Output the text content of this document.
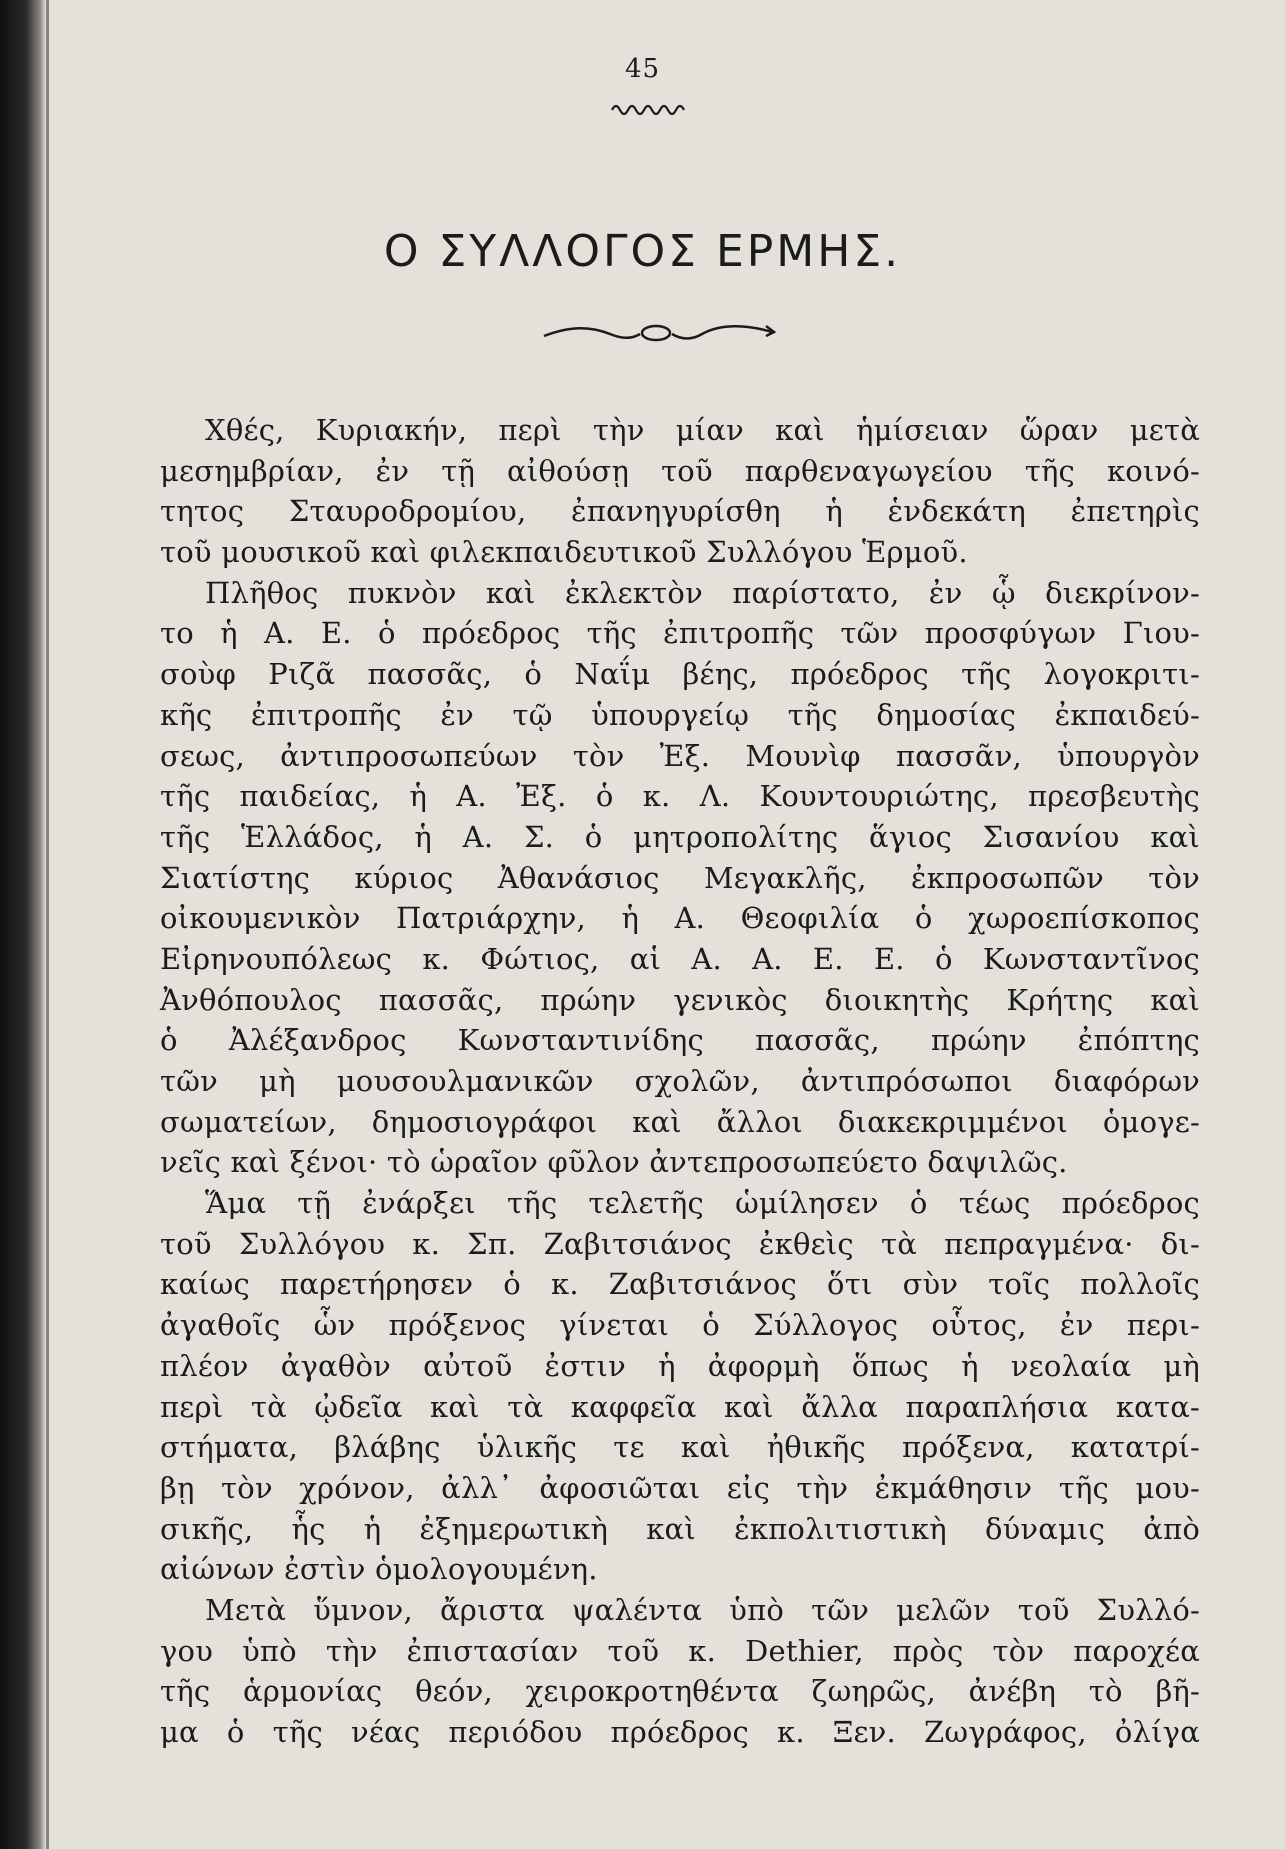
45
Ο ΣΥΛΛΟΓΟΣ ΕΡΜΗΣ.
Χθές, Κυριακήν, περὶ τὴν μίαν καὶ ἡμίσειαν ὥραν μετὰ
μεσημβρίαν, ἐν τῇ αἰθούσῃ τοῦ παρθεναγωγείου τῆς κοινό-
τητος Σταυροδρομίου, ἐπανηγυρίσθη ἡ ἑνδεκάτη ἐπετηρὶς
τοῦ μουσικοῦ καὶ φιλεκπαιδευτικοῦ Συλλόγου Ἑρμοῦ.
Πλῆθος πυκνὸν καὶ ἐκλεκτὸν παρίστατο, ἐν ᾧ διεκρίνον-
το ἡ Α. Ε. ὁ πρόεδρος τῆς ἐπιτροπῆς τῶν προσφύγων Γιου-
σοὺφ Ριζᾶ πασσᾶς, ὁ Ναΐμ βέης, πρόεδρος τῆς λογοκριτι-
κῆς ἐπιτροπῆς ἐν τῷ ὑπουργείῳ τῆς δημοσίας ἐκπαιδεύ-
σεως, ἀντιπροσωπεύων τὸν Ἐξ. Μουνὶφ πασσᾶν, ὑπουργὸν
τῆς παιδείας, ἡ Α. Ἐξ. ὁ κ. Λ. Κουντουριώτης, πρεσβευτὴς
τῆς Ἑλλάδος, ἡ Α. Σ. ὁ μητροπολίτης ἅγιος Σισανίου καὶ
Σιατίστης κύριος Ἀθανάσιος Μεγακλῆς, ἐκπροσωπῶν τὸν
οἰκουμενικὸν Πατριάρχην, ἡ Α. Θεοφιλία ὁ χωροεπίσκοπος
Εἰρηνουπόλεως κ. Φώτιος, αἱ Α. Α. Ε. Ε. ὁ Κωνσταντῖνος
Ἀνθόπουλος πασσᾶς, πρώην γενικὸς διοικητὴς Κρήτης καὶ
ὁ Ἀλέξανδρος Κωνσταντινίδης πασσᾶς, πρώην ἐπόπτης
τῶν μὴ μουσουλμανικῶν σχολῶν, ἀντιπρόσωποι διαφόρων
σωματείων, δημοσιογράφοι καὶ ἄλλοι διακεκριμμένοι ὁμογε-
νεῖς καὶ ξένοι· τὸ ὡραῖον φῦλον ἀντεπροσωπεύετο δαψιλῶς.
Ἅμα τῇ ἐνάρξει τῆς τελετῆς ὡμίλησεν ὁ τέως πρόεδρος
τοῦ Συλλόγου κ. Σπ. Ζαβιτσιάνος ἐκθεὶς τὰ πεπραγμένα· δι-
καίως παρετήρησεν ὁ κ. Ζαβιτσιάνος ὅτι σὺν τοῖς πολλοῖς
ἀγαθοῖς ὧν πρόξενος γίνεται ὁ Σύλλογος οὗτος, ἐν περι-
πλέον ἀγαθὸν αὐτοῦ ἐστιν ἡ ἀφορμὴ ὅπως ἡ νεολαία μὴ
περὶ τὰ ᾠδεῖα καὶ τὰ καφφεῖα καὶ ἄλλα παραπλήσια κατα-
στήματα, βλάβης ὑλικῆς τε καὶ ἠθικῆς πρόξενα, κατατρί-
βῃ τὸν χρόνον, ἀλλ᾿ ἀφοσιῶται εἰς τὴν ἐκμάθησιν τῆς μου-
σικῆς, ἧς ἡ ἐξημερωτικὴ καὶ ἐκπολιτιστικὴ δύναμις ἀπὸ
αἰώνων ἐστὶν ὁμολογουμένη.
Μετὰ ὕμνον, ἄριστα ψαλέντα ὑπὸ τῶν μελῶν τοῦ Συλλό-
γου ὑπὸ τὴν ἐπιστασίαν τοῦ κ. Dethier, πρὸς τὸν παροχέα
τῆς ἁρμονίας θεόν, χειροκροτηθέντα ζωηρῶς, ἀνέβη τὸ βῆ-
μα ὁ τῆς νέας περιόδου πρόεδρος κ. Ξεν. Ζωγράφος, ὀλίγα
